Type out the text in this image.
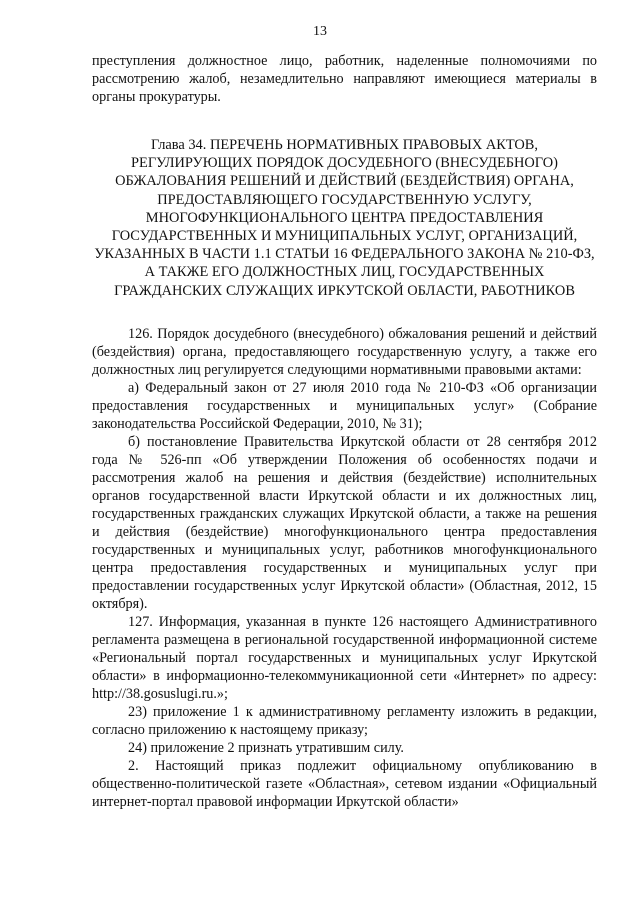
13

преступления должностное лицо, работник, наделенные полномочиями по рассмотрению жалоб, незамедлительно направляют имеющиеся материалы в органы прокуратуры.

Глава 34. ПЕРЕЧЕНЬ НОРМАТИВНЫХ ПРАВОВЫХ АКТОВ, РЕГУЛИРУЮЩИХ ПОРЯДОК ДОСУДЕБНОГО (ВНЕСУДЕБНОГО) ОБЖАЛОВАНИЯ РЕШЕНИЙ И ДЕЙСТВИЙ (БЕЗДЕЙСТВИЯ) ОРГАНА, ПРЕДОСТАВЛЯЮЩЕГО ГОСУДАРСТВЕННУЮ УСЛУГУ, МНОГОФУНКЦИОНАЛЬНОГО ЦЕНТРА ПРЕДОСТАВЛЕНИЯ ГОСУДАРСТВЕННЫХ И МУНИЦИПАЛЬНЫХ УСЛУГ, ОРГАНИЗАЦИЙ, УКАЗАННЫХ В ЧАСТИ 1.1 СТАТЬИ 16 ФЕДЕРАЛЬНОГО ЗАКОНА № 210-ФЗ, А ТАКЖЕ ЕГО ДОЛЖНОСТНЫХ ЛИЦ, ГОСУДАРСТВЕННЫХ ГРАЖДАНСКИХ СЛУЖАЩИХ ИРКУТСКОЙ ОБЛАСТИ, РАБОТНИКОВ

126. Порядок досудебного (внесудебного) обжалования решений и действий (бездействия) органа, предоставляющего государственную услугу, а также его должностных лиц регулируется следующими нормативными правовыми актами:

а) Федеральный закон от 27 июля 2010 года № 210-ФЗ «Об организации предоставления государственных и муниципальных услуг» (Собрание законодательства Российской Федерации, 2010, № 31);

б) постановление Правительства Иркутской области от 28 сентября 2012 года № 526-пп «Об утверждении Положения об особенностях подачи и рассмотрения жалоб на решения и действия (бездействие) исполнительных органов государственной власти Иркутской области и их должностных лиц, государственных гражданских служащих Иркутской области, а также на решения и действия (бездействие) многофункционального центра предоставления государственных и муниципальных услуг, работников многофункционального центра предоставления государственных и муниципальных услуг при предоставлении государственных услуг Иркутской области» (Областная, 2012, 15 октября).

127. Информация, указанная в пункте 126 настоящего Административного регламента размещена в региональной государственной информационной системе «Региональный портал государственных и муниципальных услуг Иркутской области» в информационно-телекоммуникационной сети «Интернет» по адресу: http://38.gosuslugi.ru.»;

23) приложение 1 к административному регламенту изложить в редакции, согласно приложению к настоящему приказу;

24) приложение 2 признать утратившим силу.

2. Настоящий приказ подлежит официальному опубликованию в общественно-политической газете «Областная», сетевом издании «Официальный интернет-портал правовой информации Иркутской области»
